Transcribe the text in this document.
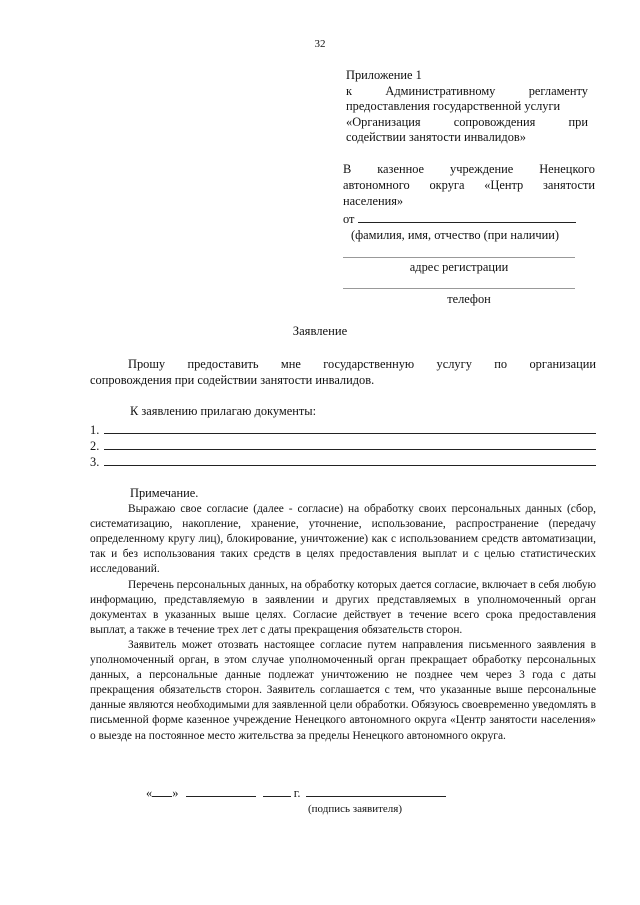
32
Приложение 1
к Административному регламенту
предоставления государственной услуги
«Организация сопровождения при
содействии занятости инвалидов»
В казенное учреждение Ненецкого
автономного округа «Центр занятости
населения»
от
(фамилия, имя, отчество (при наличии)
адрес регистрации
телефон
Заявление
Прошу предоставить мне государственную услугу по организации
сопровождения при содействии занятости инвалидов.
К заявлению прилагаю документы:
1.
2.
3.
Примечание.

Выражаю свое согласие (далее - согласие) на обработку своих персональных данных (сбор, систематизацию, накопление, хранение, уточнение, использование, распространение (передачу определенному кругу лиц), блокирование, уничтожение) как с использованием средств автоматизации, так и без использования таких средств в целях предоставления выплат и с целью статистических исследований.

Перечень персональных данных, на обработку которых дается согласие, включает в себя любую информацию, представляемую в заявлении и других представляемых в уполномоченный орган документах в указанных выше целях. Согласие действует в течение всего срока предоставления выплат, а также в течение трех лет с даты прекращения обязательств сторон.

Заявитель может отозвать настоящее согласие путем направления письменного заявления в уполномоченный орган, в этом случае уполномоченный орган прекращает обработку персональных данных, а персональные данные подлежат уничтожению не позднее чем через 3 года с даты прекращения обязательств сторон. Заявитель соглашается с тем, что указанные выше персональные данные являются необходимыми для заявленной цели обработки. Обязуюсь своевременно уведомлять в письменной форме казенное учреждение Ненецкого автономного округа «Центр занятости населения» о выезде на постоянное место жительства за пределы Ненецкого автономного округа.

« »	г.
(подпись заявителя)
